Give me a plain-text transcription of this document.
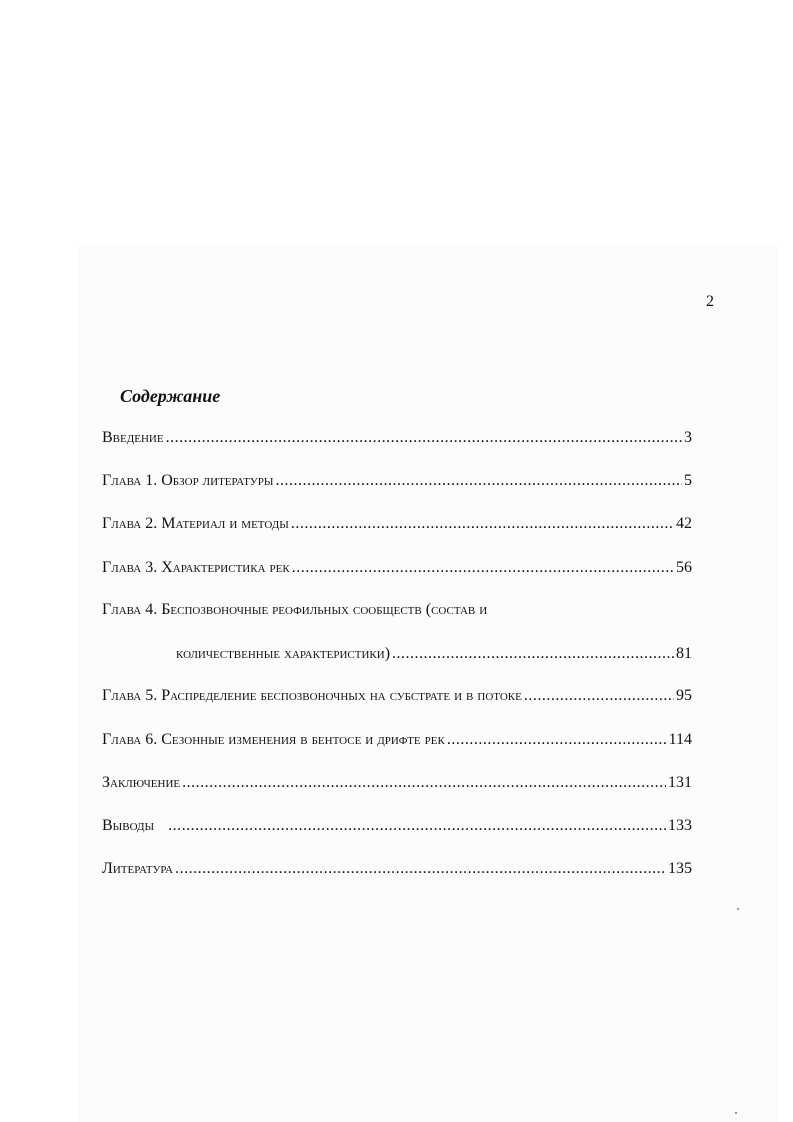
2
Содержание
Введение .....	3
Глава 1. Обзор литературы .....	5
Глава 2. Материал и методы .....	42
Глава 3. Характеристика рек .....	56
Глава 4. Беспозвоночные реофильных сообществ (состав и
количественные характеристики) .....	81
Глава 5. Распределение беспозвоночных на субстрате и в потоке .....	95
Глава 6. Сезонные изменения в бентосе и дрифте рек .....	114
Заключение .....	131
Выводы .....	133
Литература .....	135
